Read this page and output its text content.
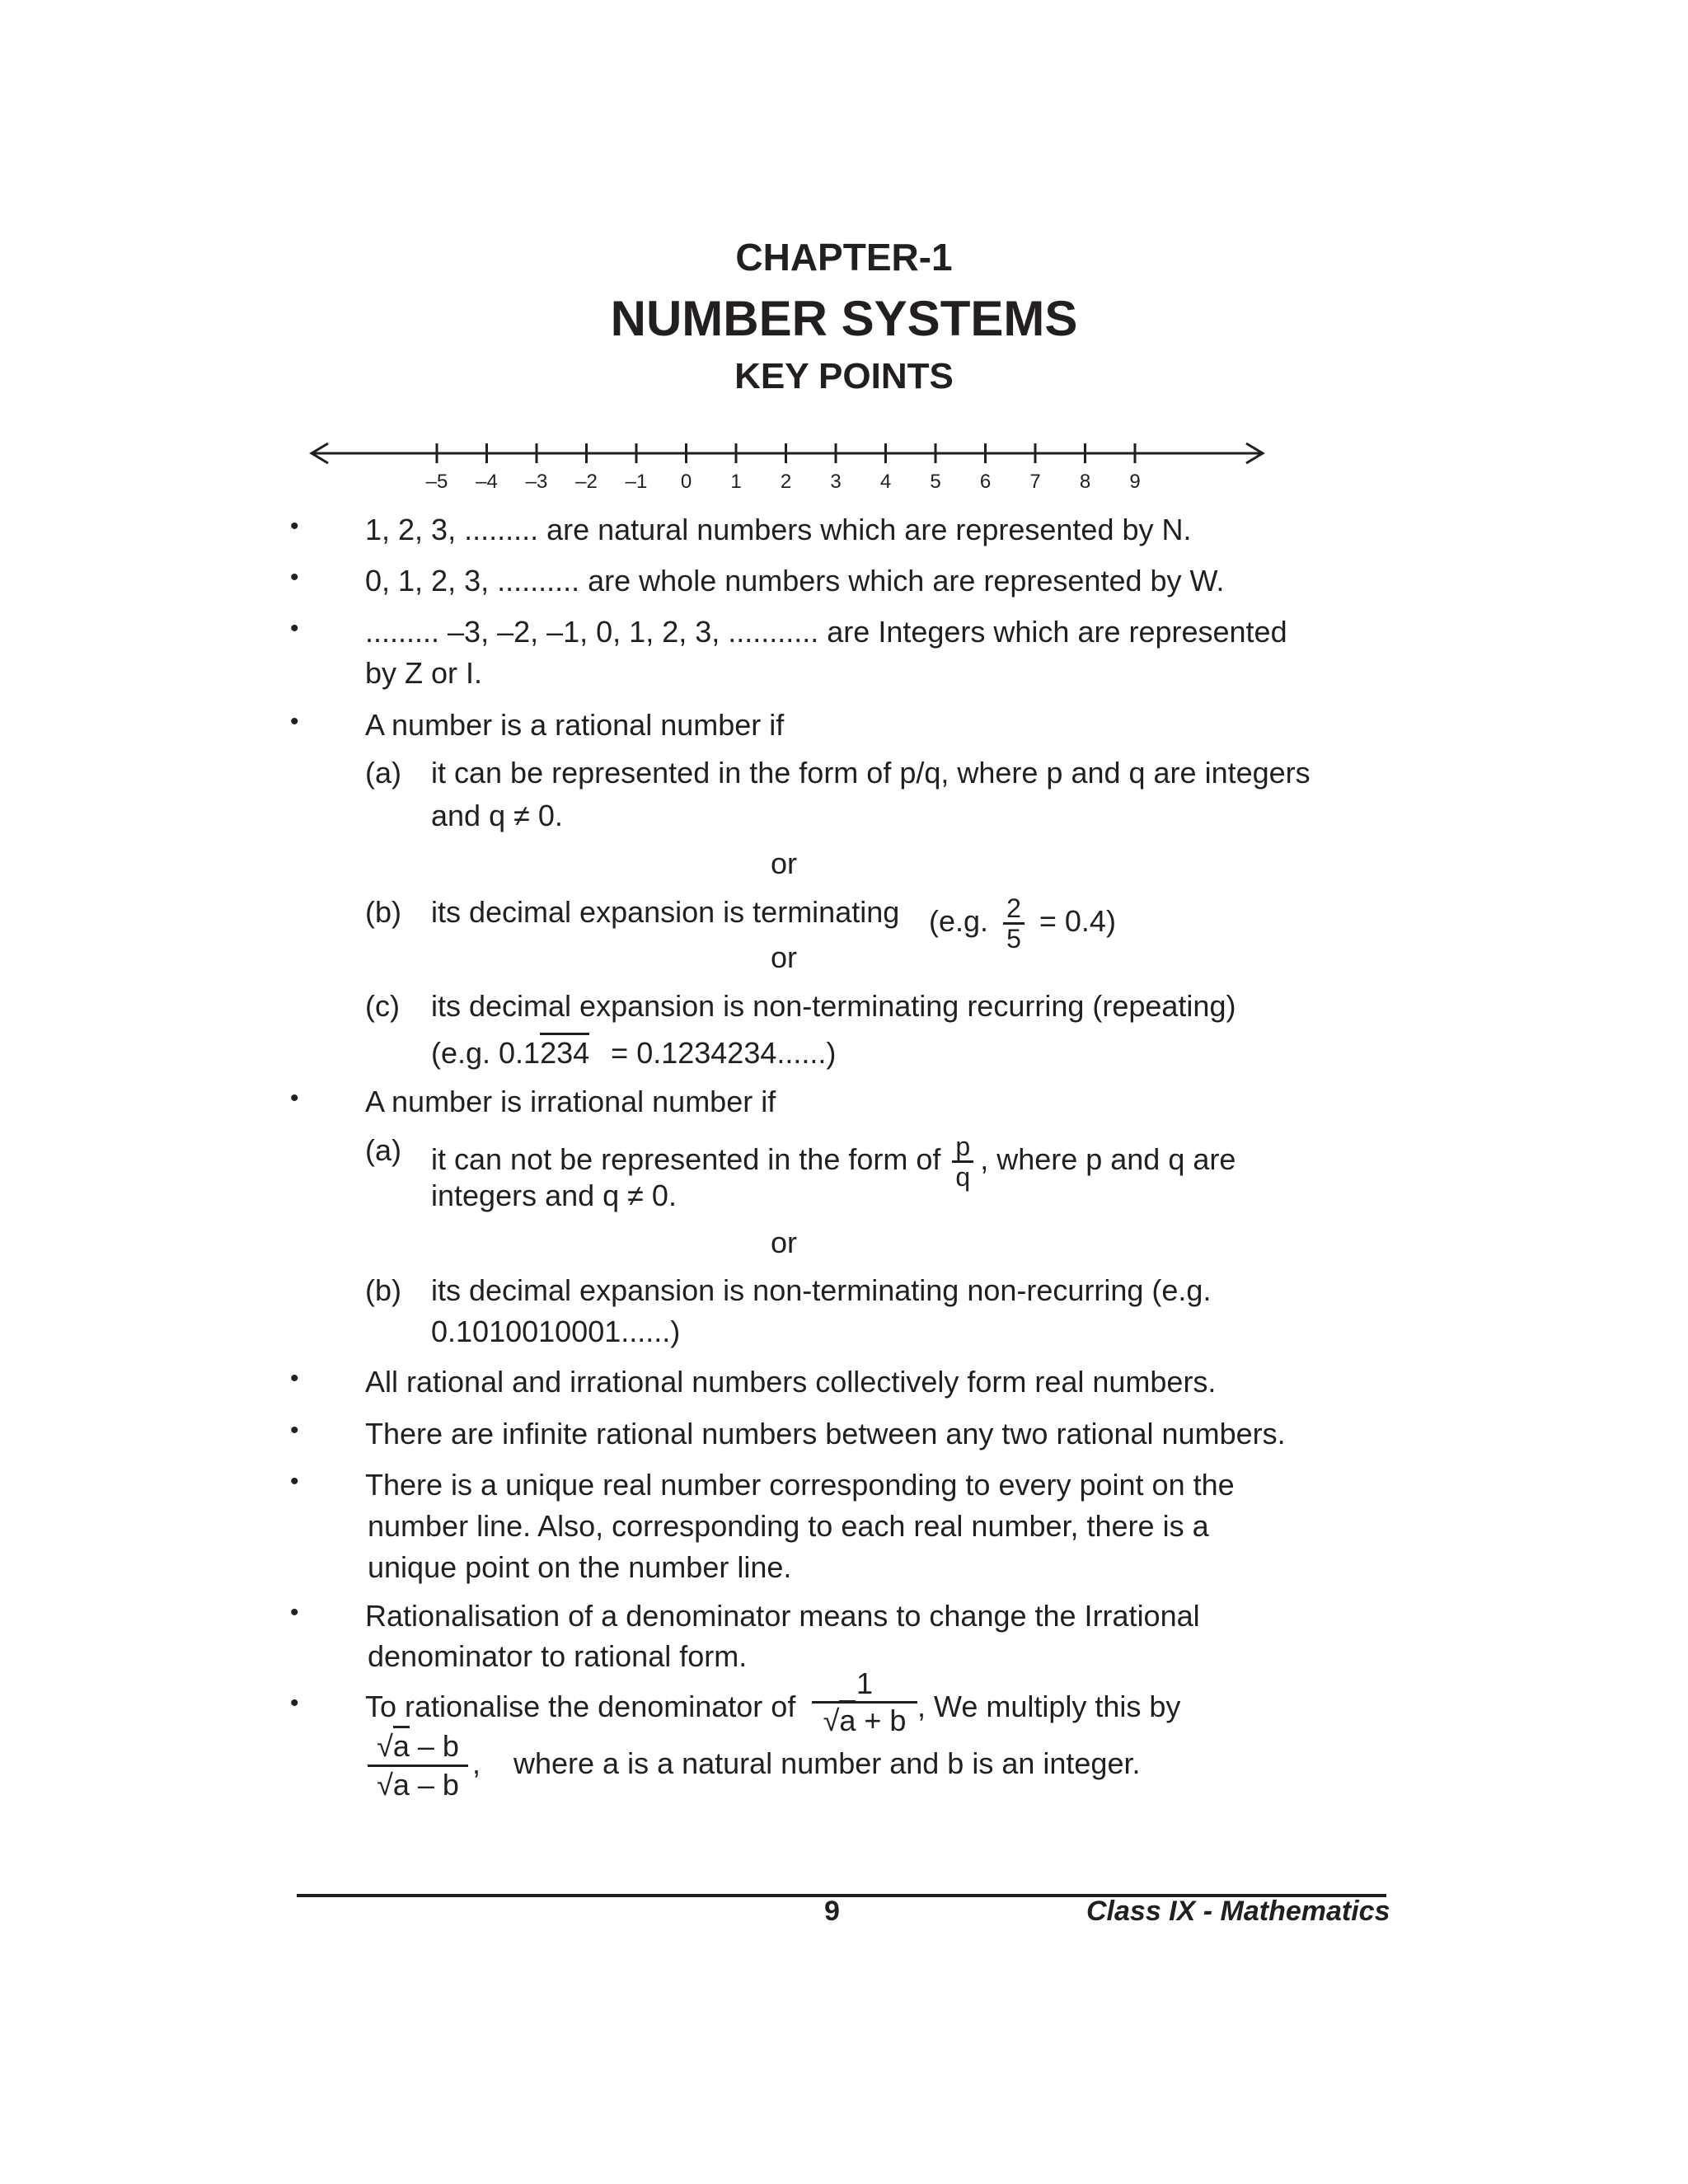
CHAPTER-1
NUMBER SYSTEMS
KEY POINTS
–5 –4 –3 –2 –1 0 1 2 3 4 5 6 7 8 9
• 1, 2, 3, ......... are natural numbers which are represented by N.
• 0, 1, 2, 3, .......... are whole numbers which are represented by W.
• ......... –3, –2, –1, 0, 1, 2, 3, ........... are Integers which are represented
by Z or I.
• A number is a rational number if
(a) it can be represented in the form of p/q, where p and q are integers
and q ≠ 0.
or
(b) its decimal expansion is terminating (e.g. $\frac{2}{5} = 0.4$)
or
(c) its decimal expansion is non-terminating recurring (repeating)
(e.g. 0.1234 = 0.1234234......)
• A number is irrational number if
(a) it can not be represented in the form of $\frac{p}{q}$ , where p and q are
integers and q ≠ 0.
or
(b) its decimal expansion is non-terminating non-recurring (e.g.
0.1010010001......)
• All rational and irrational numbers collectively form real numbers.
• There are infinite rational numbers between any two rational numbers.
• There is a unique real number corresponding to every point on the
number line. Also, corresponding to each real number, there is a
unique point on the number line.
• Rationalisation of a denominator means to change the Irrational
denominator to rational form.
• To rationalise the denominator of
1
√a + b , We multiply this by
√a – b
√a – b
, where a is a natural number and b is an integer.
9	Class IX - Mathematics
